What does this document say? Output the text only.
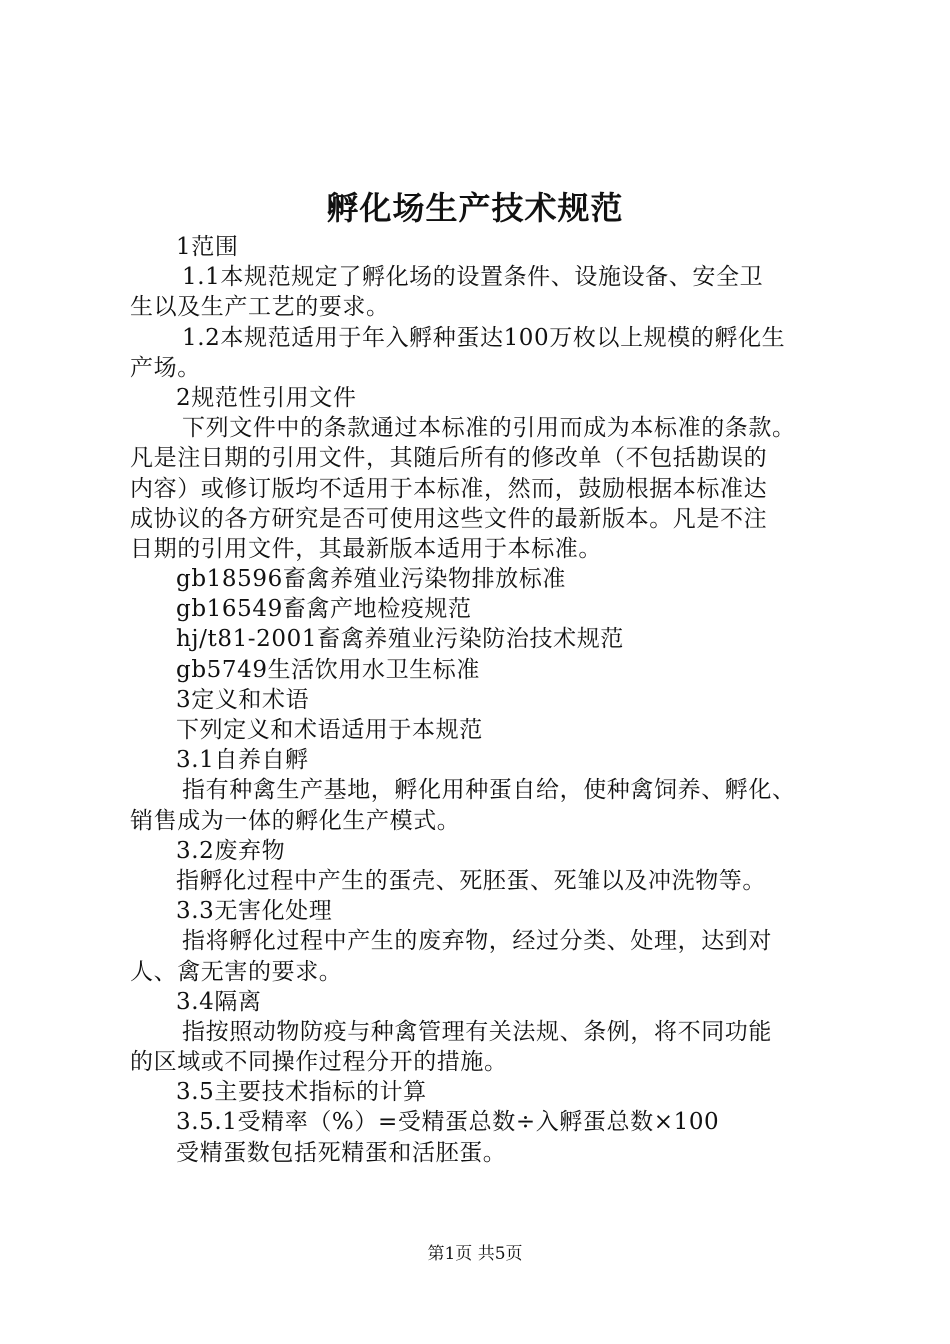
孵化场生产技术规范
1范围
1.1本规范规定了孵化场的设置条件、设施设备、安全卫
生以及生产工艺的要求。
1.2本规范适用于年入孵种蛋达100万枚以上规模的孵化生
产场。
2规范性引用文件
下列文件中的条款通过本标准的引用而成为本标准的条款。
凡是注日期的引用文件，其随后所有的修改单（不包括勘误的
内容）或修订版均不适用于本标准，然而，鼓励根据本标准达
成协议的各方研究是否可使用这些文件的最新版本。凡是不注
日期的引用文件，其最新版本适用于本标准。
gb18596畜禽养殖业污染物排放标准
gb16549畜禽产地检疫规范
hj/t81-2001畜禽养殖业污染防治技术规范
gb5749生活饮用水卫生标准
3定义和术语
下列定义和术语适用于本规范
3.1自养自孵
指有种禽生产基地，孵化用种蛋自给，使种禽饲养、孵化、
销售成为一体的孵化生产模式。
3.2废弃物
指孵化过程中产生的蛋壳、死胚蛋、死雏以及冲洗物等。
3.3无害化处理
指将孵化过程中产生的废弃物，经过分类、处理，达到对
人、禽无害的要求。
3.4隔离
指按照动物防疫与种禽管理有关法规、条例，将不同功能
的区域或不同操作过程分开的措施。
3.5主要技术指标的计算
3.5.1受精率（%）=受精蛋总数÷入孵蛋总数×100
受精蛋数包括死精蛋和活胚蛋。
第1页 共5页
